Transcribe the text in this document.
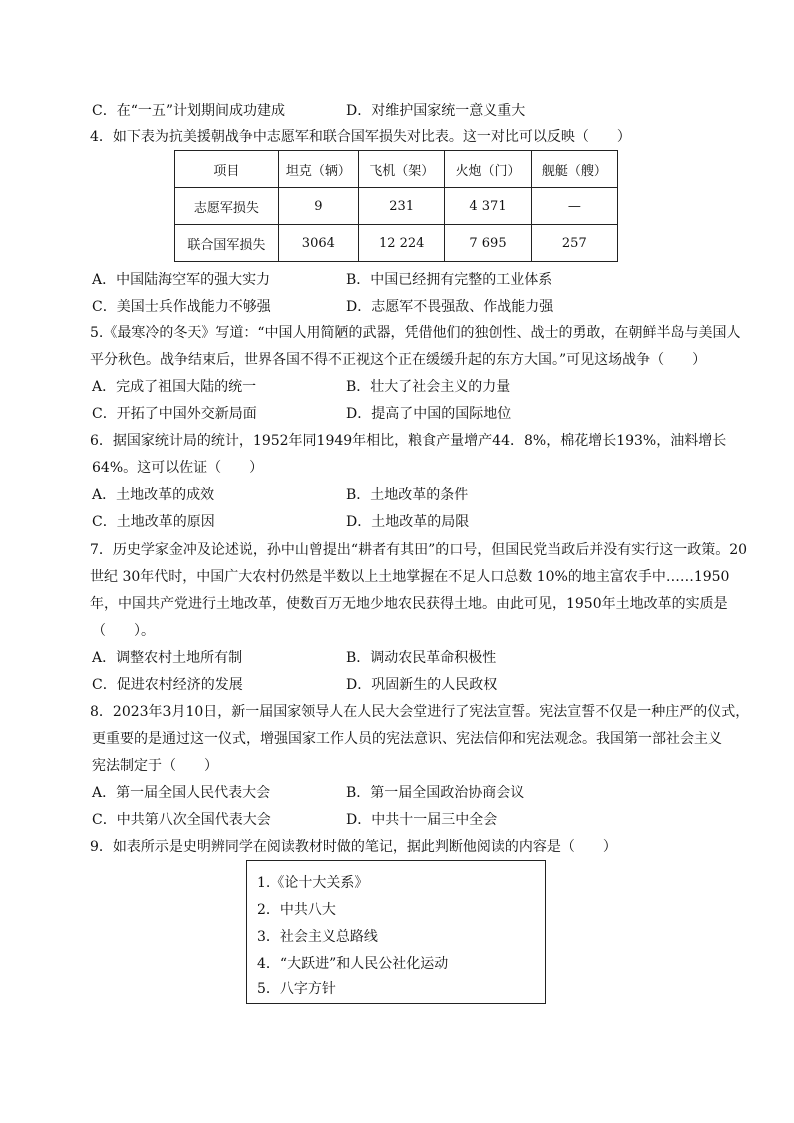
C．在“一五”计划期间成功建成	D．对维护国家统一意义重大
4．如下表为抗美援朝战争中志愿军和联合国军损失对比表。这一对比可以反映（　　）
项目	坦克（辆）	飞机（架）	火炮（门）	舰艇（艘）
志愿军损失	9	231	4 371	—
联合国军损失	3064	12 224	7 695	257
A．中国陆海空军的强大实力	B．中国已经拥有完整的工业体系
C．美国士兵作战能力不够强	D．志愿军不畏强敌、作战能力强
5.《最寒冷的冬天》写道：“中国人用简陋的武器，凭借他们的独创性、战士的勇敢，在朝鲜半岛与美国人
平分秋色。战争结束后，世界各国不得不正视这个正在缓缓升起的东方大国。”可见这场战争（　　）
A．完成了祖国大陆的统一	B．壮大了社会主义的力量
C．开拓了中国外交新局面	D．提高了中国的国际地位
6．据国家统计局的统计，1952年同1949年相比，粮食产量增产44．8%，棉花增长193%，油料增长
64%。这可以佐证（　　）
A．土地改革的成效	B．土地改革的条件
C．土地改革的原因	D．土地改革的局限
7．历史学家金冲及论述说，孙中山曾提出“耕者有其田”的口号，但国民党当政后并没有实行这一政策。20
世纪 30年代时，中国广大农村仍然是半数以上土地掌握在不足人口总数 10%的地主富农手中……1950
年，中国共产党进行土地改革，使数百万无地少地农民获得土地。由此可见，1950年土地改革的实质是
（　　）。
A．调整农村土地所有制	B．调动农民革命积极性
C．促进农村经济的发展	D．巩固新生的人民政权
8．2023年3月10日，新一届国家领导人在人民大会堂进行了宪法宣誓。宪法宣誓不仅是一种庄严的仪式，
更重要的是通过这一仪式，增强国家工作人员的宪法意识、宪法信仰和宪法观念。我国第一部社会主义
宪法制定于（　　）
A．第一届全国人民代表大会	B．第一届全国政治协商会议
C．中共第八次全国代表大会	D．中共十一届三中全会
9．如表所示是史明辨同学在阅读教材时做的笔记，据此判断他阅读的内容是（　　）
1.《论十大关系》
2．中共八大
3．社会主义总路线
4．“大跃进”和人民公社化运动
5．八字方针
